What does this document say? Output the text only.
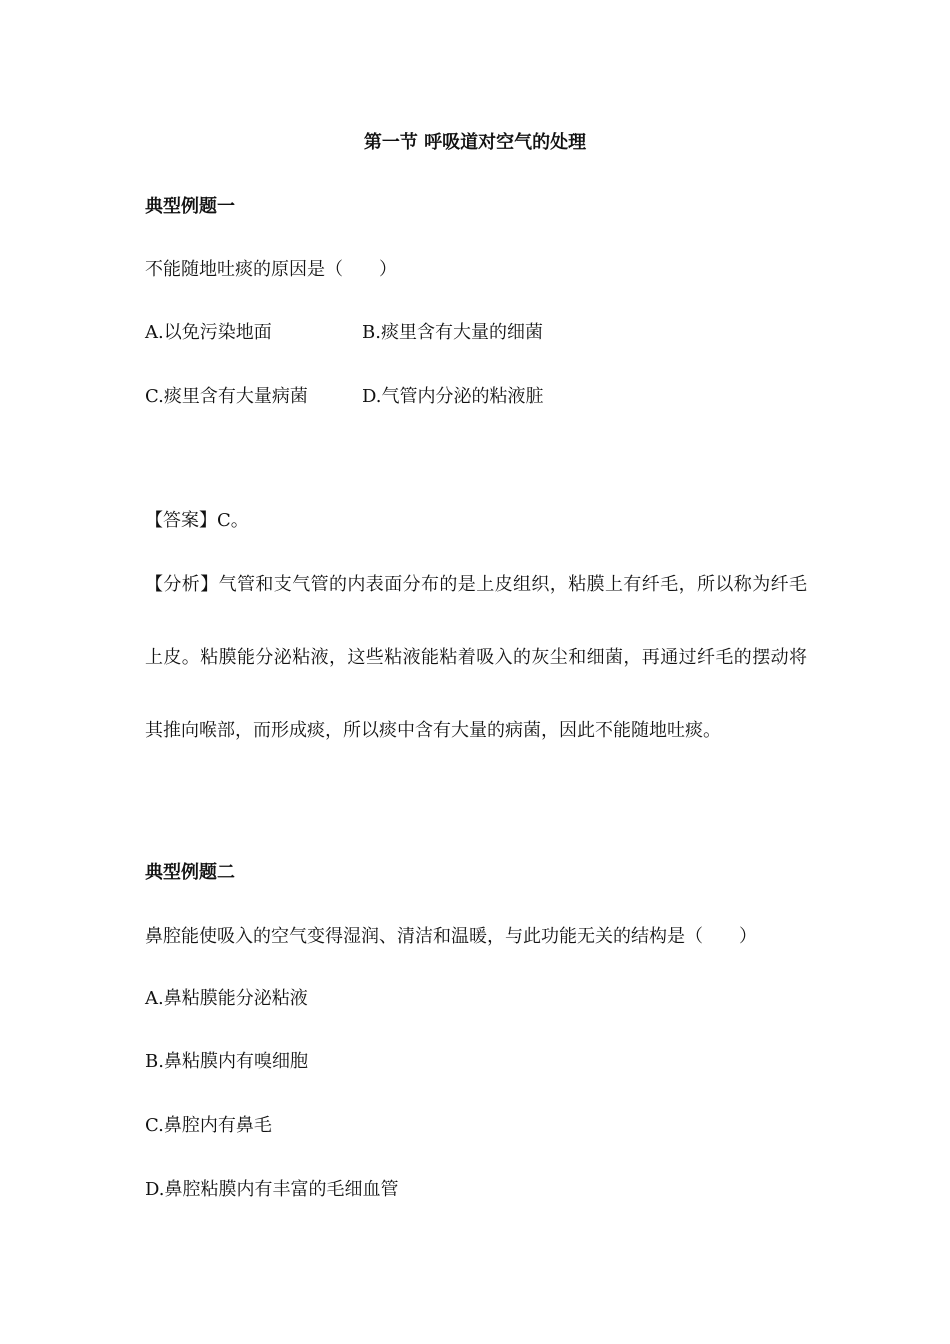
第一节 呼吸道对空气的处理
典型例题一
不能随地吐痰的原因是（　　）
A.以免污染地面	B.痰里含有大量的细菌
C.痰里含有大量病菌	D.气管内分泌的粘液脏
【答案】C。
【分析】气管和支气管的内表面分布的是上皮组织，粘膜上有纤毛，所以称为纤毛上皮。粘膜能分泌粘液，这些粘液能粘着吸入的灰尘和细菌，再通过纤毛的摆动将其推向喉部，而形成痰，所以痰中含有大量的病菌，因此不能随地吐痰。
典型例题二
鼻腔能使吸入的空气变得湿润、清洁和温暖，与此功能无关的结构是（　　）
A.鼻粘膜能分泌粘液
B.鼻粘膜内有嗅细胞
C.鼻腔内有鼻毛
D.鼻腔粘膜内有丰富的毛细血管
